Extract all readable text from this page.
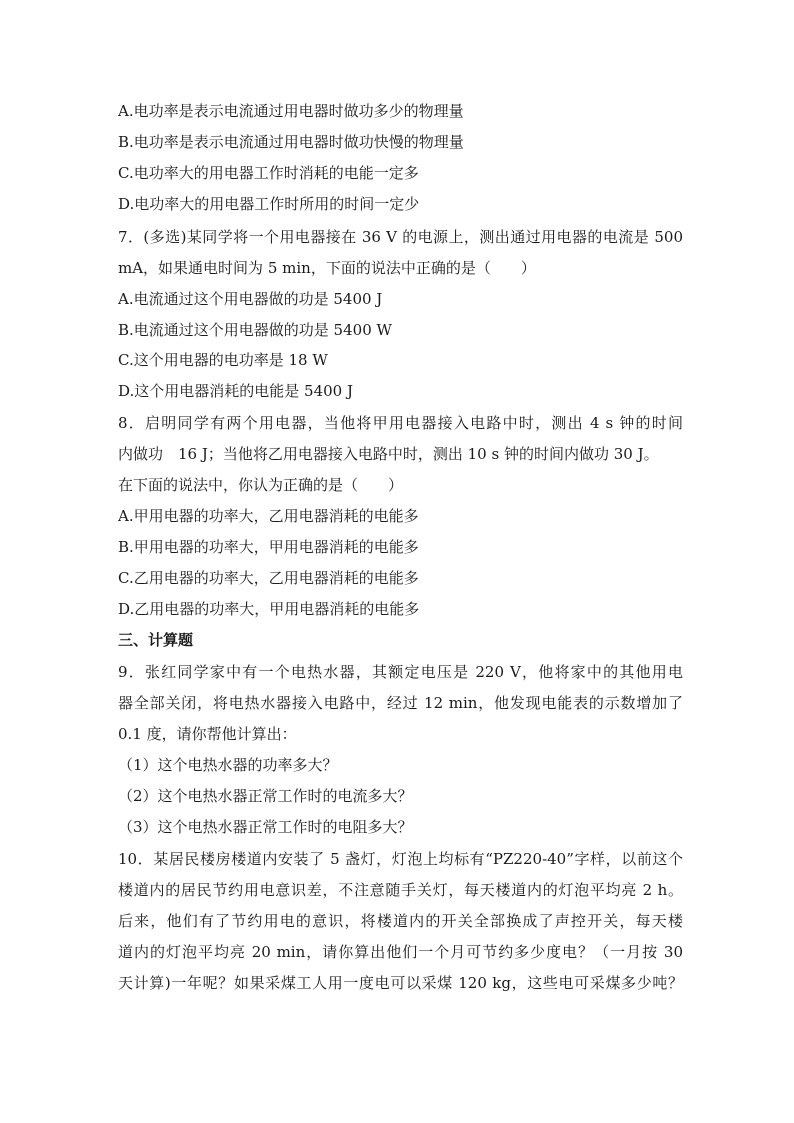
A.电功率是表示电流通过用电器时做功多少的物理量
B.电功率是表示电流通过用电器时做功快慢的物理量
C.电功率大的用电器工作时消耗的电能一定多
D.电功率大的用电器工作时所用的时间一定少
7．(多选)某同学将一个用电器接在 36 V 的电源上，测出通过用电器的电流是 500
mA，如果通电时间为 5 min，下面的说法中正确的是（　　）
A.电流通过这个用电器做的功是 5400 J
B.电流通过这个用电器做的功是 5400 W
C.这个用电器的电功率是 18 W
D.这个用电器消耗的电能是 5400 J
8．启明同学有两个用电器，当他将甲用电器接入电路中时，测出 4 s 钟的时间
内做功　16 J；当他将乙用电器接入电路中时，测出 10 s 钟的时间内做功 30 J。
在下面的说法中，你认为正确的是（　　）
A.甲用电器的功率大，乙用电器消耗的电能多
B.甲用电器的功率大，甲用电器消耗的电能多
C.乙用电器的功率大，乙用电器消耗的电能多
D.乙用电器的功率大，甲用电器消耗的电能多
三、计算题
9．张红同学家中有一个电热水器，其额定电压是 220 V，他将家中的其他用电
器全部关闭，将电热水器接入电路中，经过 12 min，他发现电能表的示数增加了
0.1 度，请你帮他计算出：
（1）这个电热水器的功率多大？
（2）这个电热水器正常工作时的电流多大？
（3）这个电热水器正常工作时的电阻多大？
10．某居民楼房楼道内安装了 5 盏灯，灯泡上均标有“PZ220-40”字样，以前这个
楼道内的居民节约用电意识差，不注意随手关灯，每天楼道内的灯泡平均亮 2 h。
后来，他们有了节约用电的意识，将楼道内的开关全部换成了声控开关，每天楼
道内的灯泡平均亮 20 min，请你算出他们一个月可节约多少度电？（一月按 30
天计算)一年呢？如果采煤工人用一度电可以采煤 120 kg，这些电可采煤多少吨？
